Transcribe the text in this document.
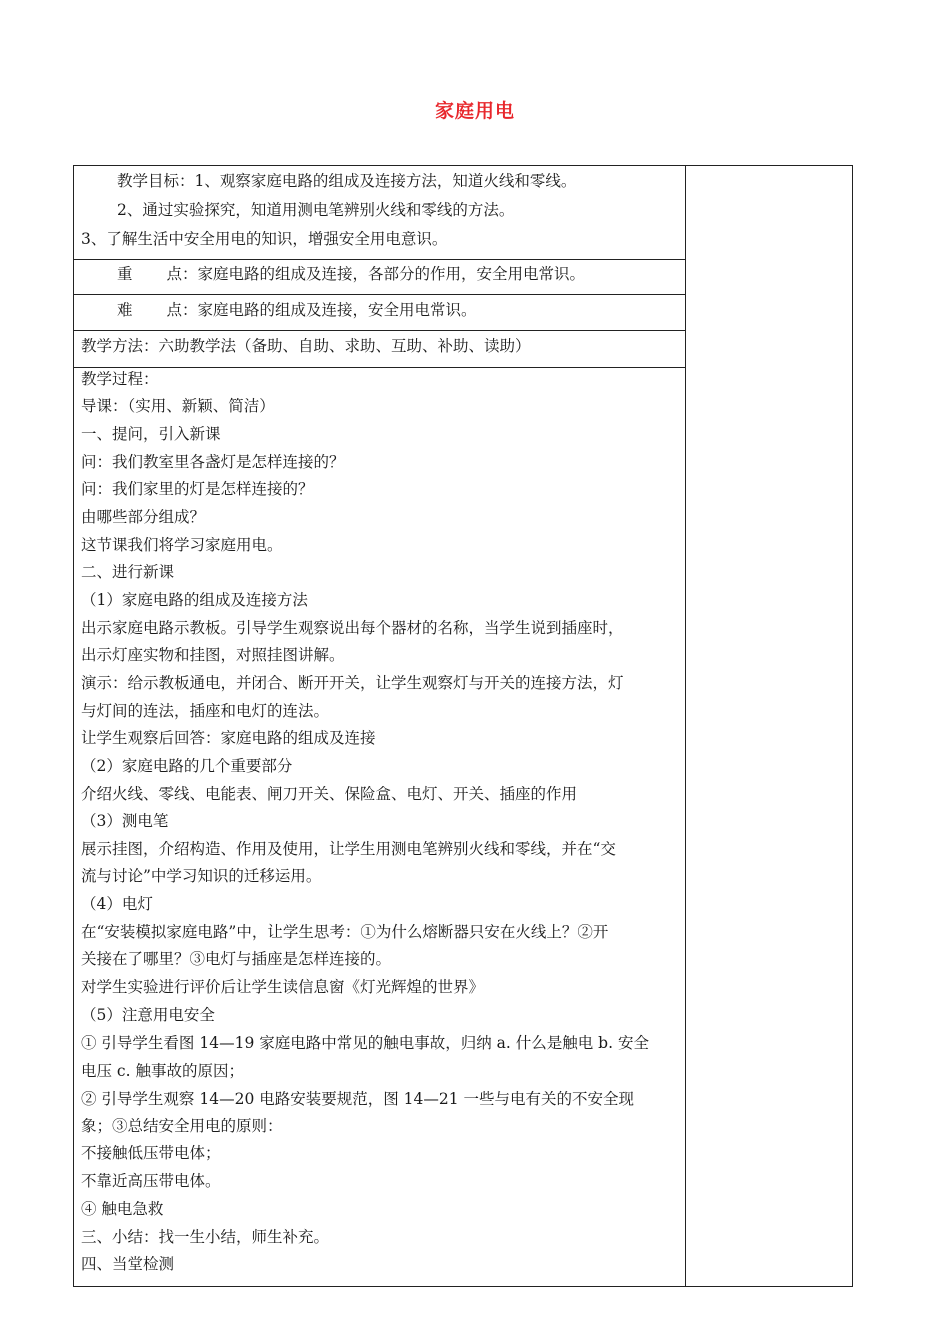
家庭用电
教学目标：1、观察家庭电路的组成及连接方法，知道火线和零线。
2、通过实验探究，知道用测电笔辨别火线和零线的方法。
3、了解生活中安全用电的知识，增强安全用电意识。
重 点：家庭电路的组成及连接，各部分的作用，安全用电常识。
难 点：家庭电路的组成及连接，安全用电常识。
教学方法：六助教学法（备助、自助、求助、互助、补助、读助）
教学过程：
导课：（实用、新颖、简洁）
一、提问，引入新课
问：我们教室里各盏灯是怎样连接的？
问：我们家里的灯是怎样连接的？
由哪些部分组成？
这节课我们将学习家庭用电。
二、进行新课
（1）家庭电路的组成及连接方法
出示家庭电路示教板。引导学生观察说出每个器材的名称，当学生说到插座时，
出示灯座实物和挂图，对照挂图讲解。
演示：给示教板通电，并闭合、断开开关，让学生观察灯与开关的连接方法，灯
与灯间的连法，插座和电灯的连法。
让学生观察后回答：家庭电路的组成及连接
（2）家庭电路的几个重要部分
介绍火线、零线、电能表、闸刀开关、保险盒、电灯、开关、插座的作用
（3）测电笔
展示挂图，介绍构造、作用及使用，让学生用测电笔辨别火线和零线，并在“交
流与讨论”中学习知识的迁移运用。
（4）电灯
在“安装模拟家庭电路”中，让学生思考：①为什么熔断器只安在火线上？②开
关接在了哪里？③电灯与插座是怎样连接的。
对学生实验进行评价后让学生读信息窗《灯光辉煌的世界》
（5）注意用电安全
① 引导学生看图 14—19 家庭电路中常见的触电事故，归纳 a. 什么是触电 b. 安全
电压 c. 触事故的原因；
② 引导学生观察 14—20 电路安装要规范，图 14—21 一些与电有关的不安全现
象；③总结安全用电的原则：
不接触低压带电体；
不靠近高压带电体。
④ 触电急救
三、小结：找一生小结，师生补充。
四、当堂检测
